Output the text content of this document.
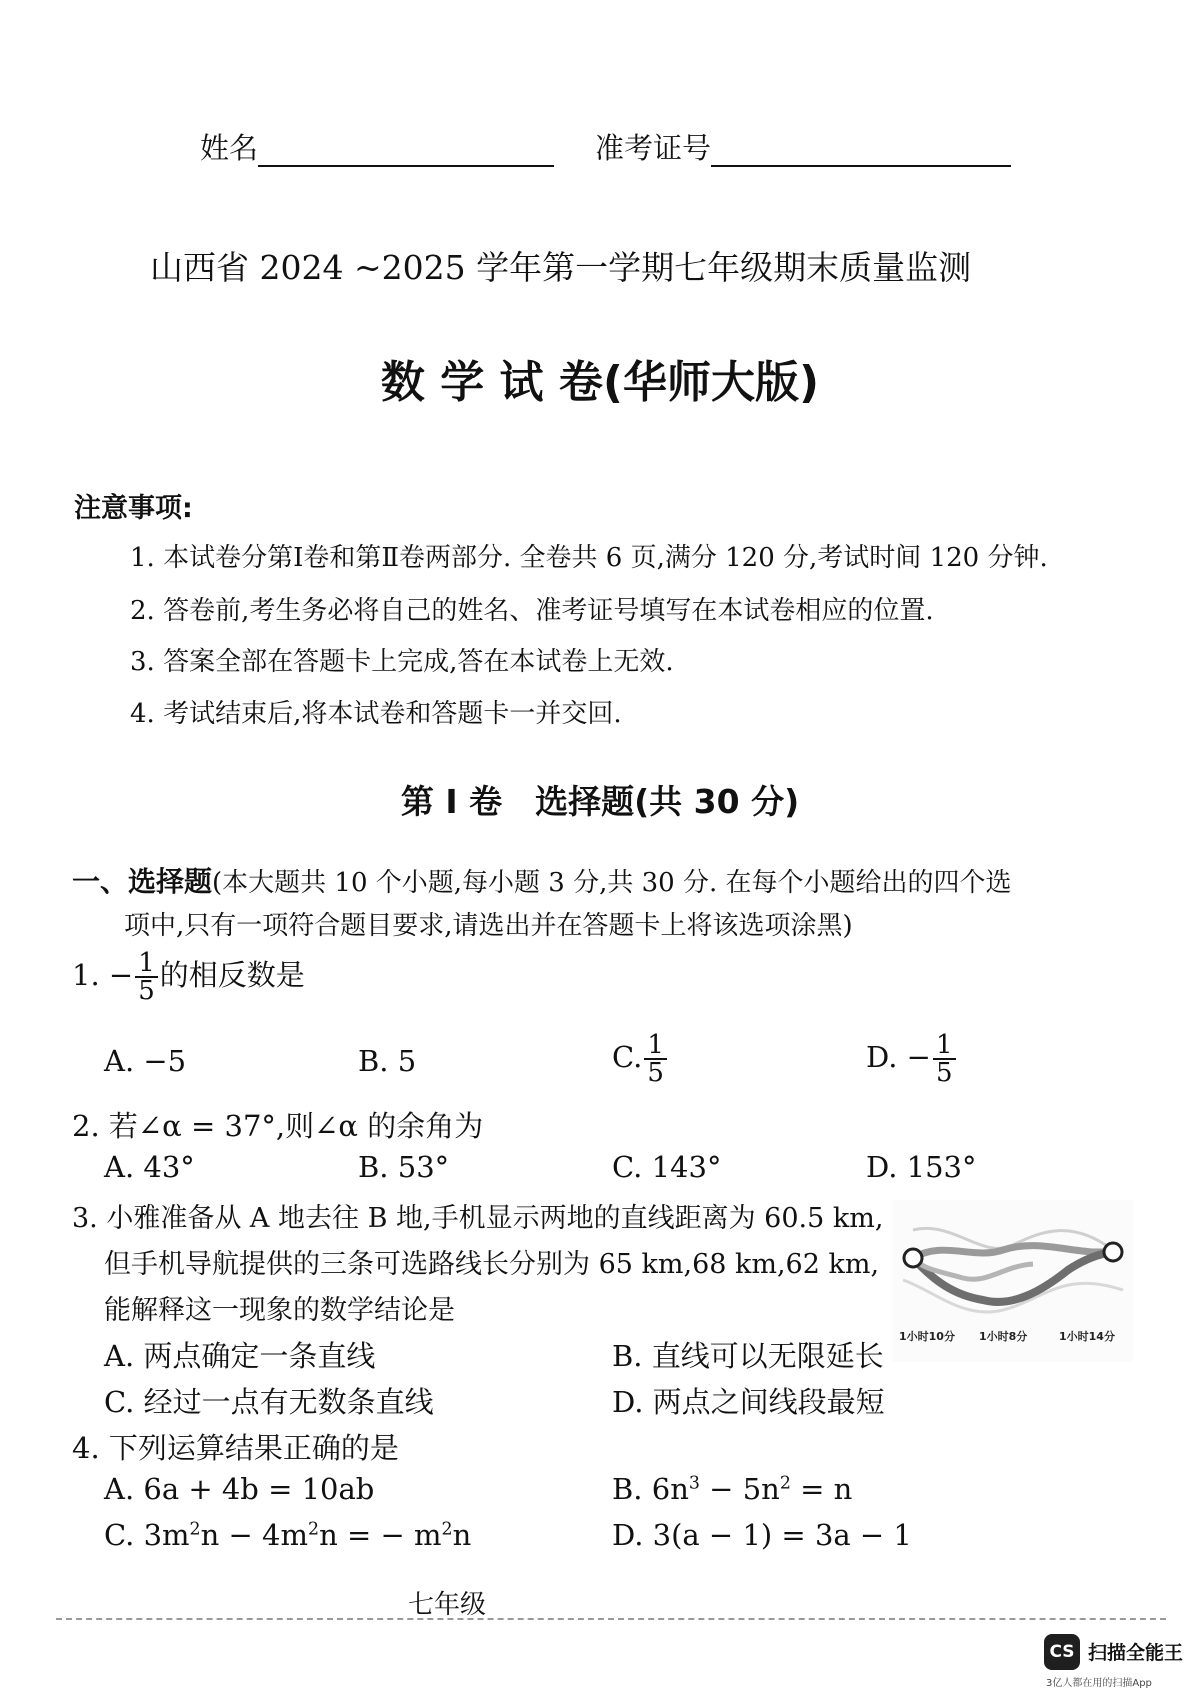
姓名	准考证号
山西省 2024 ~2025 学年第一学期七年级期末质量监测
数 学 试 卷(华师大版)
注意事项:
1. 本试卷分第Ⅰ卷和第Ⅱ卷两部分. 全卷共 6 页,满分 120 分,考试时间 120 分钟.
2. 答卷前,考生务必将自己的姓名、准考证号填写在本试卷相应的位置.
3. 答案全部在答题卡上完成,答在本试卷上无效.
4. 考试结束后,将本试卷和答题卡一并交回.
第 Ⅰ 卷　选择题(共 30 分)
一、选择题(本大题共 10 个小题,每小题 3 分,共 30 分. 在每个小题给出的四个选
项中,只有一项符合题目要求,请选出并在答题卡上将该选项涂黑)
1. − $\frac{1}{5}$ 的相反数是
A. −5	B. 5	C. $\frac{1}{5}$	D. − $\frac{1}{5}$
2. 若∠α = 37°,则∠α 的余角为
A. 43°	B. 53°	C. 143°	D. 153°
3. 小雅准备从 A 地去往 B 地,手机显示两地的直线距离为 60.5 km,
但手机导航提供的三条可选路线长分别为 65 km,68 km,62 km,
能解释这一现象的数学结论是
A. 两点确定一条直线	B. 直线可以无限延长
C. 经过一点有无数条直线	D. 两点之间线段最短
1小时10分 1小时8分	1小时14分
4. 下列运算结果正确的是
A. 6a + 4b = 10ab	B. $6n^3 - 5n^2 = n$
C. $3m^2n - 4m^2n$ = − $m^2n$	D. 3(a − 1) = 3a − 1
七年级
CS 扫描全能王
3亿人都在用的扫描App
